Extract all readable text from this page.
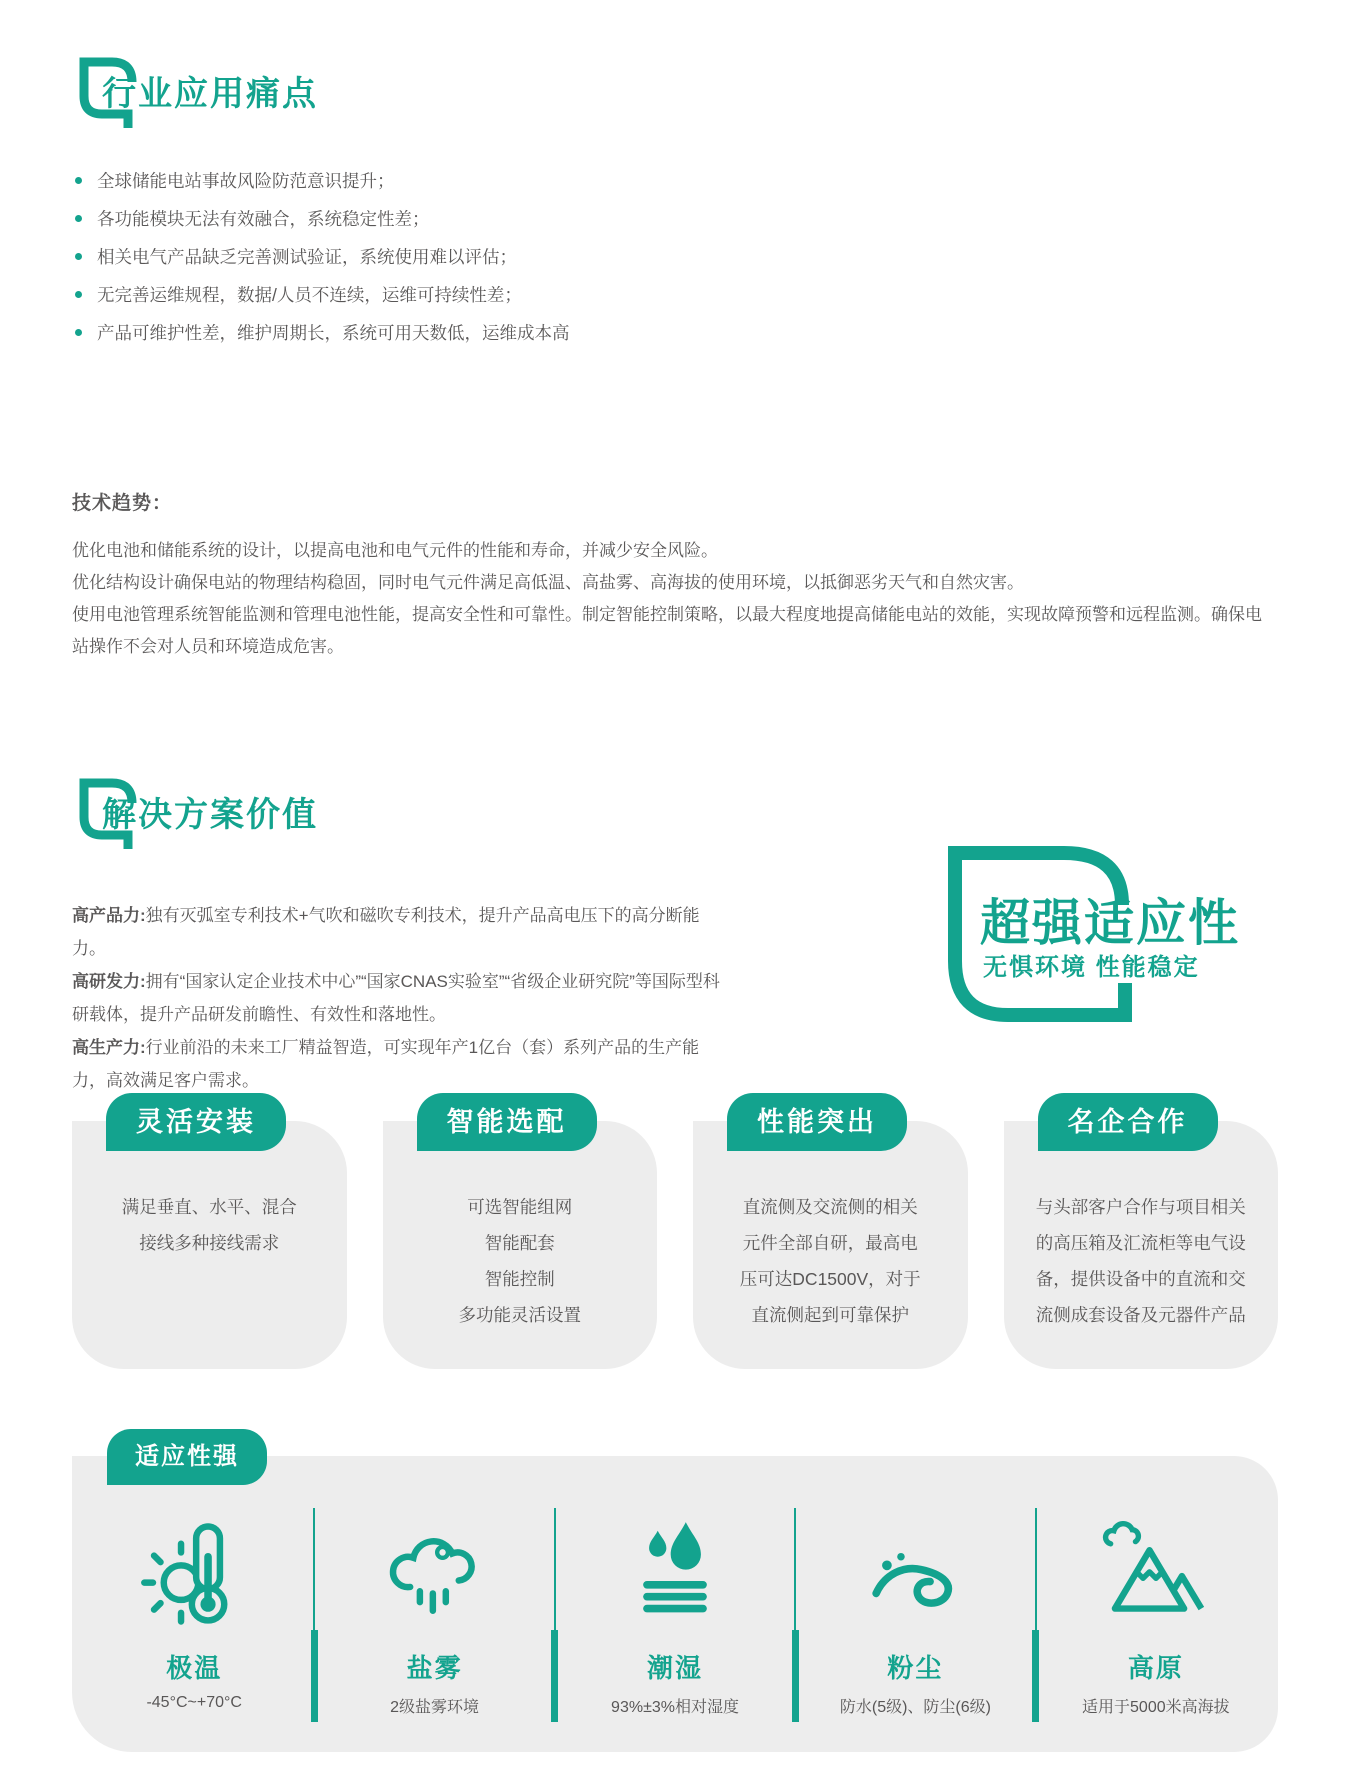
行业应用痛点
全球储能电站事故风险防范意识提升；
各功能模块无法有效融合，系统稳定性差；
相关电气产品缺乏完善测试验证，系统使用难以评估；
无完善运维规程，数据/人员不连续，运维可持续性差；
产品可维护性差，维护周期长，系统可用天数低，运维成本高
技术趋势：

优化电池和储能系统的设计，以提高电池和电气元件的性能和寿命，并减少安全风险。

优化结构设计确保电站的物理结构稳固，同时电气元件满足高低温、高盐雾、高海拔的使用环境，以抵御恶劣天气和自然灾害。

使用电池管理系统智能监测和管理电池性能，提高安全性和可靠性。制定智能控制策略，以最大程度地提高储能电站的效能，实现故障预警和远程监测。确保电站操作不会对人员和环境造成危害。

解决方案价值

高产品力:独有灭弧室专利技术+气吹和磁吹专利技术，提升产品高电压下的高分断能力。

高研发力:拥有“国家认定企业技术中心”“国家CNAS实验室”“省级企业研究院”等国际型科研载体，提升产品研发前瞻性、有效性和落地性。

高生产力:行业前沿的未来工厂精益智造，可实现年产1亿台（套）系列产品的生产能力，高效满足客户需求。

超强适应性
无惧环境 性能稳定
灵活安装
满足垂直、水平、混合
接线多种接线需求
智能选配
可选智能组网
智能配套
智能控制
多功能灵活设置
性能突出
直流侧及交流侧的相关
元件全部自研，最高电
压可达DC1500V，对于
直流侧起到可靠保护
名企合作
与头部客户合作与项目相关
的高压箱及汇流柜等电气设
备，提供设备中的直流和交
流侧成套设备及元器件产品
适应性强
极温
-45°C~+70°C
盐雾
2级盐雾环境
潮湿
93%±3%相对湿度
粉尘
防水(5级)、防尘(6级)
高原
适用于5000米高海拔
